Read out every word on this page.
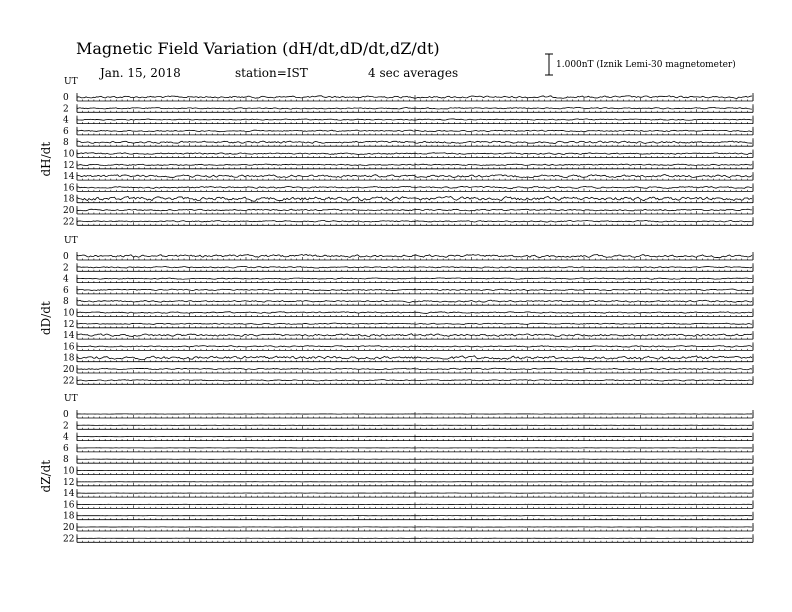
Magnetic Field Variation (dH/dt,dD/dt,dZ/dt)
Jan. 15, 2018	station=IST	4 sec averages
1.000nT (Iznik Lemi-30 magnetometer)
UT
dH/dt
0
2
4
6
8
10
12
14
16
18
20
22
UT
dD/dt
0
2
4
6
8
10
12
14
16
18
20
22
UT
dZ/dt
0
2
4
6
8
10
12
14
16
18
20
22
